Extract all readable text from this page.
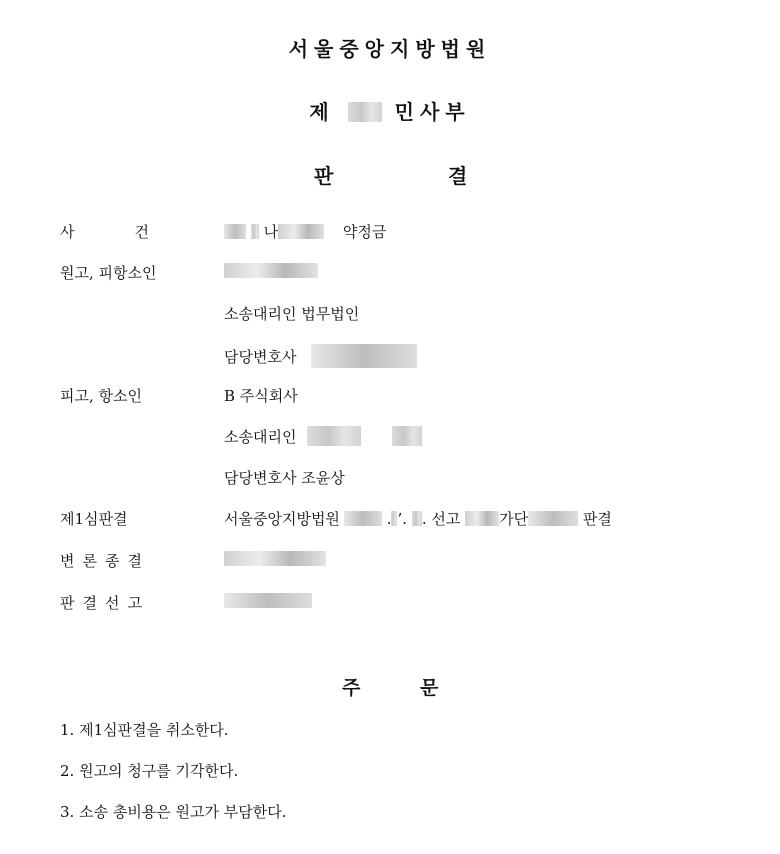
서울중앙지방법원
제	민사부
판	결
사    건	나	약정금
원고, 피항소인
소송대리인 법무법인
담당변호사
피고, 항소인	B 주식회사
소송대리인
담당변호사 조윤상
제1심판결	서울중앙지방법원	. ’. . 선고	가단	판결
변론종결
판결선고
주	문
1. 제1심판결을 취소한다.
2. 원고의 청구를 기각한다.
3. 소송 총비용은 원고가 부담한다.
